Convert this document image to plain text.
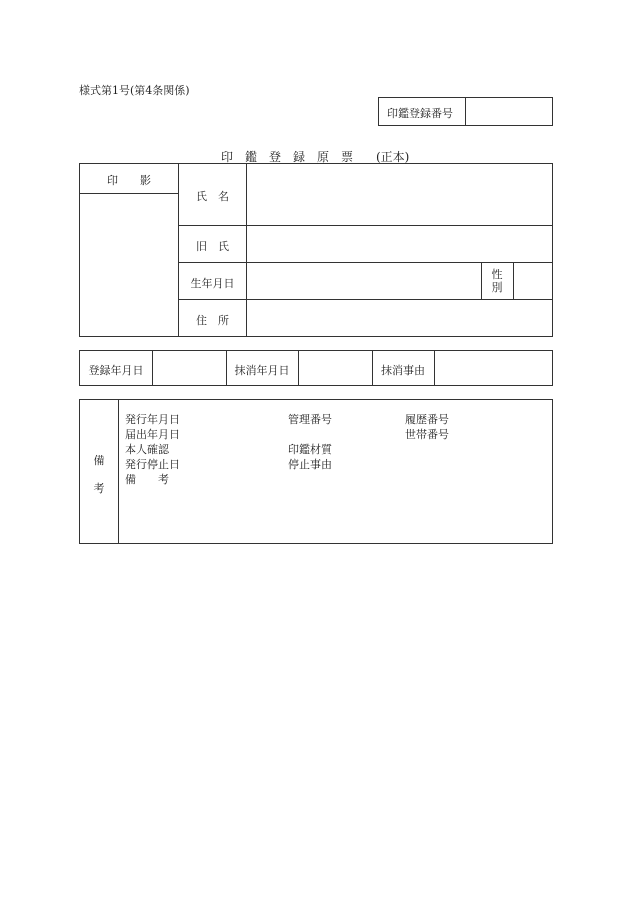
様式第1号(第4条関係)
印鑑登録番号
印　鑑　登　録　原　票 (正本)
印　　影
氏　名
旧　氏
生年月日
性
別
住　所
登録年月日	抹消年月日	抹消事由
備
考
発行年月日
届出年月日
本人確認
発行停止日
備　　考
管理番号
印鑑材質
停止事由
履歴番号
世帯番号
